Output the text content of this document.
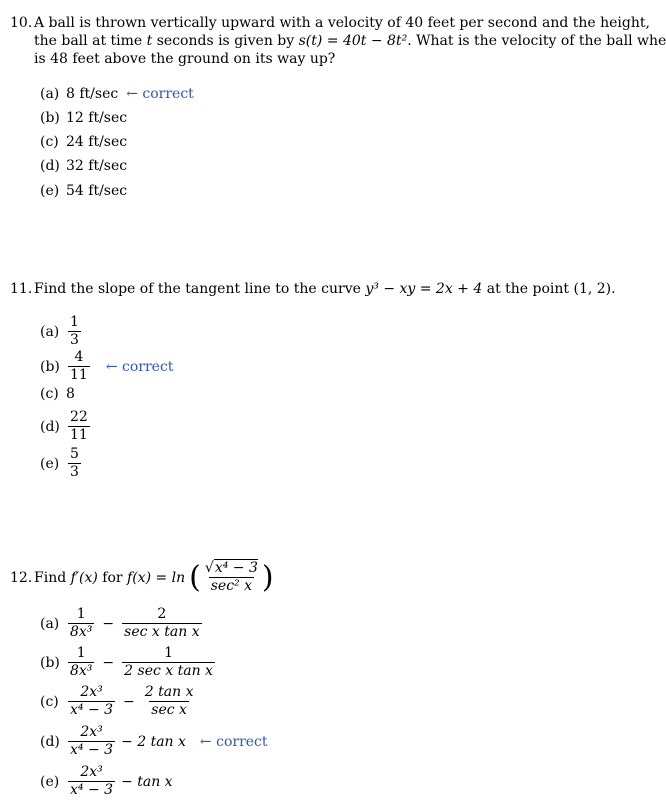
10. A ball is thrown vertically upward with a velocity of 40 feet per second and the height,
the ball at time t seconds is given by s(t) = 40t − 8t². What is the velocity of the ball whe
is 48 feet above the ground on its way up?
(a) 8 ft/sec ← correct
(b) 12 ft/sec
(c) 24 ft/sec
(d) 32 ft/sec
(e) 54 ft/sec
11. Find the slope of the tangent line to the curve y³ − xy = 2x + 4 at the point (1, 2).
$(a) \frac{1}{3}$
$(b) \frac{4}{11}$ ← correct
(c) 8
$(d) \frac{22}{11}$
$(e) \frac{5}{3}$
12. Find
f′(x)
for
f(x) = ln ( $\frac{\text{√x⁴ − 3}}{\text{sec² x}}$ )
$(a) \frac{1}{\text{8x³}} - \frac{2}{\text{sec x tan x}}$
$(b) \frac{1}{\text{8x³}} - \frac{1}{\text{2 sec x tan x}}$
$(c) \frac{\text{2x³}}{\text{x⁴ − 3}} - \frac{\text{2 tan x}}{\text{sec x}}$
$(d) \frac{\text{2x³}}{\text{x⁴ − 3}} - 2$ tan x ← correct
$(e) \frac{\text{2x³}}{\text{x⁴ − 3}} - \tan x$
